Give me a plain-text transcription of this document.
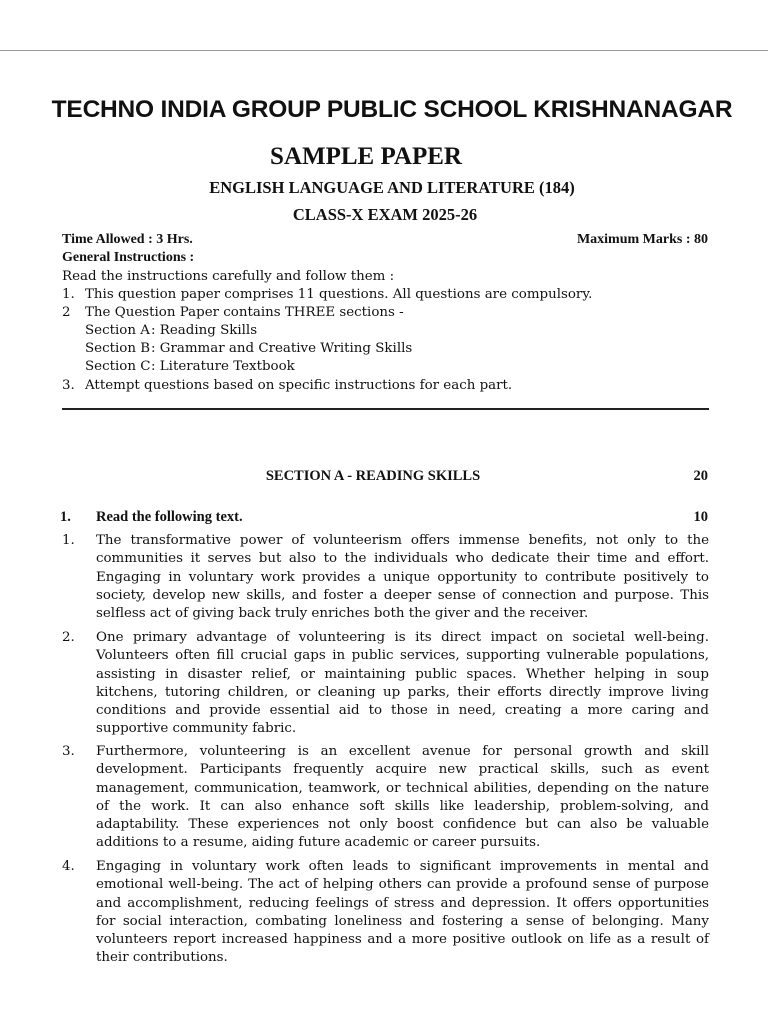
TECHNO INDIA GROUP PUBLIC SCHOOL KRISHNANAGAR
SAMPLE PAPER
ENGLISH LANGUAGE AND LITERATURE (184)
CLASS-X EXAM 2025-26
Time Allowed : 3 Hrs.	Maximum Marks : 80
General Instructions :
Read the instructions carefully and follow them :
1. This question paper comprises 11 questions. All questions are compulsory.
2 The Question Paper contains THREE sections -
Section A: Reading Skills
Section B: Grammar and Creative Writing Skills
Section C: Literature Textbook
3. Attempt questions based on specific instructions for each part.
SECTION A - READING SKILLS	20
1. Read the following text.	10
1. The transformative power of volunteerism offers immense benefits, not only to the communities it serves but also to the individuals who dedicate their time and effort. Engaging in voluntary work provides a unique opportunity to contribute positively to society, develop new skills, and foster a deeper sense of connection and purpose. This selfless act of giving back truly enriches both the giver and the receiver.
2. One primary advantage of volunteering is its direct impact on societal well-being. Volunteers often fill crucial gaps in public services, supporting vulnerable populations, assisting in disaster relief, or maintaining public spaces. Whether helping in soup kitchens, tutoring children, or cleaning up parks, their efforts directly improve living conditions and provide essential aid to those in need, creating a more caring and supportive community fabric.
3. Furthermore, volunteering is an excellent avenue for personal growth and skill development. Participants frequently acquire new practical skills, such as event management, communication, teamwork, or technical abilities, depending on the nature of the work. It can also enhance soft skills like leadership, problem-solving, and adaptability. These experiences not only boost confidence but can also be valuable additions to a resume, aiding future academic or career pursuits.
4. Engaging in voluntary work often leads to significant improvements in mental and emotional well-being. The act of helping others can provide a profound sense of purpose and accomplishment, reducing feelings of stress and depression. It offers opportunities for social interaction, combating loneliness and fostering a sense of belonging. Many volunteers report increased happiness and a more positive outlook on life as a result of their contributions.
